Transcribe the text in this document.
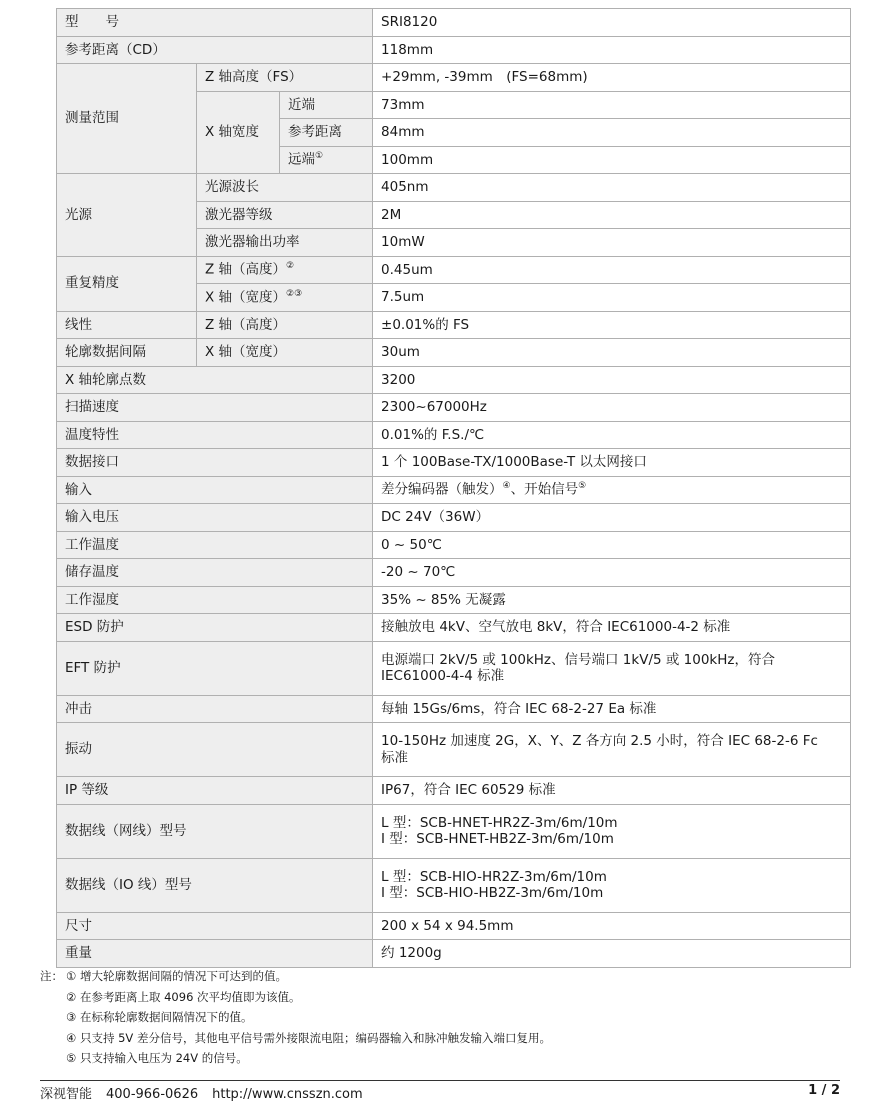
型　　号			SRI8120
参考距离（CD）			118mm
测量范围	Z 轴高度（FS）		+29mm, -39mm　(FS=68mm)
	X 轴宽度	近端	73mm
		参考距离	84mm
		远端①	100mm
光源	光源波长		405nm
	激光器等级		2M
	激光器输出功率		10mW
重复精度	Z 轴（高度）②		0.45um
	X 轴（宽度）②③		7.5um
线性	Z 轴（高度）		±0.01%的 FS
轮廓数据间隔	X 轴（宽度）		30um
X 轴轮廓点数			3200
扫描速度			2300~67000Hz
温度特性			0.01%的 F.S./℃
数据接口			1 个 100Base-TX/1000Base-T 以太网接口
输入			差分编码器（触发）④、开始信号⑤
输入电压			DC 24V（36W）
工作温度			0 ~ 50℃
储存温度			-20 ~ 70℃
工作湿度			35% ~ 85% 无凝露
ESD 防护			接触放电 4kV、空气放电 8kV，符合 IEC61000-4-2 标准
EFT 防护			电源端口 2kV/5 或 100kHz、信号端口 1kV/5 或 100kHz，符合
IEC61000-4-4 标准

冲击			每轴 15Gs/6ms，符合 IEC 68-2-27 Ea 标准
振动			10-150Hz 加速度 2G，X、Y、Z 各方向 2.5 小时，符合 IEC 68-2-6 Fc
标准

IP 等级			IP67，符合 IEC 60529 标准
数据线（网线）型号			L 型：SCB-HNET-HR2Z-3m/6m/10m
I 型：SCB-HNET-HB2Z-3m/6m/10m

数据线（IO 线）型号			L 型：SCB-HIO-HR2Z-3m/6m/10m
I 型：SCB-HIO-HB2Z-3m/6m/10m

尺寸			200 x 54 x 94.5mm
重量			约 1200g
注： ① 增大轮廓数据间隔的情况下可达到的值。
② 在参考距离上取 4096 次平均值即为该值。
③ 在标称轮廓数据间隔情况下的值。
④ 只支持 5V 差分信号，其他电平信号需外接限流电阻；编码器输入和脉冲触发输入端口复用。
⑤ 只支持输入电压为 24V 的信号。
深视智能 400-966-0626 http://www.cnsszn.com	1 / 2
